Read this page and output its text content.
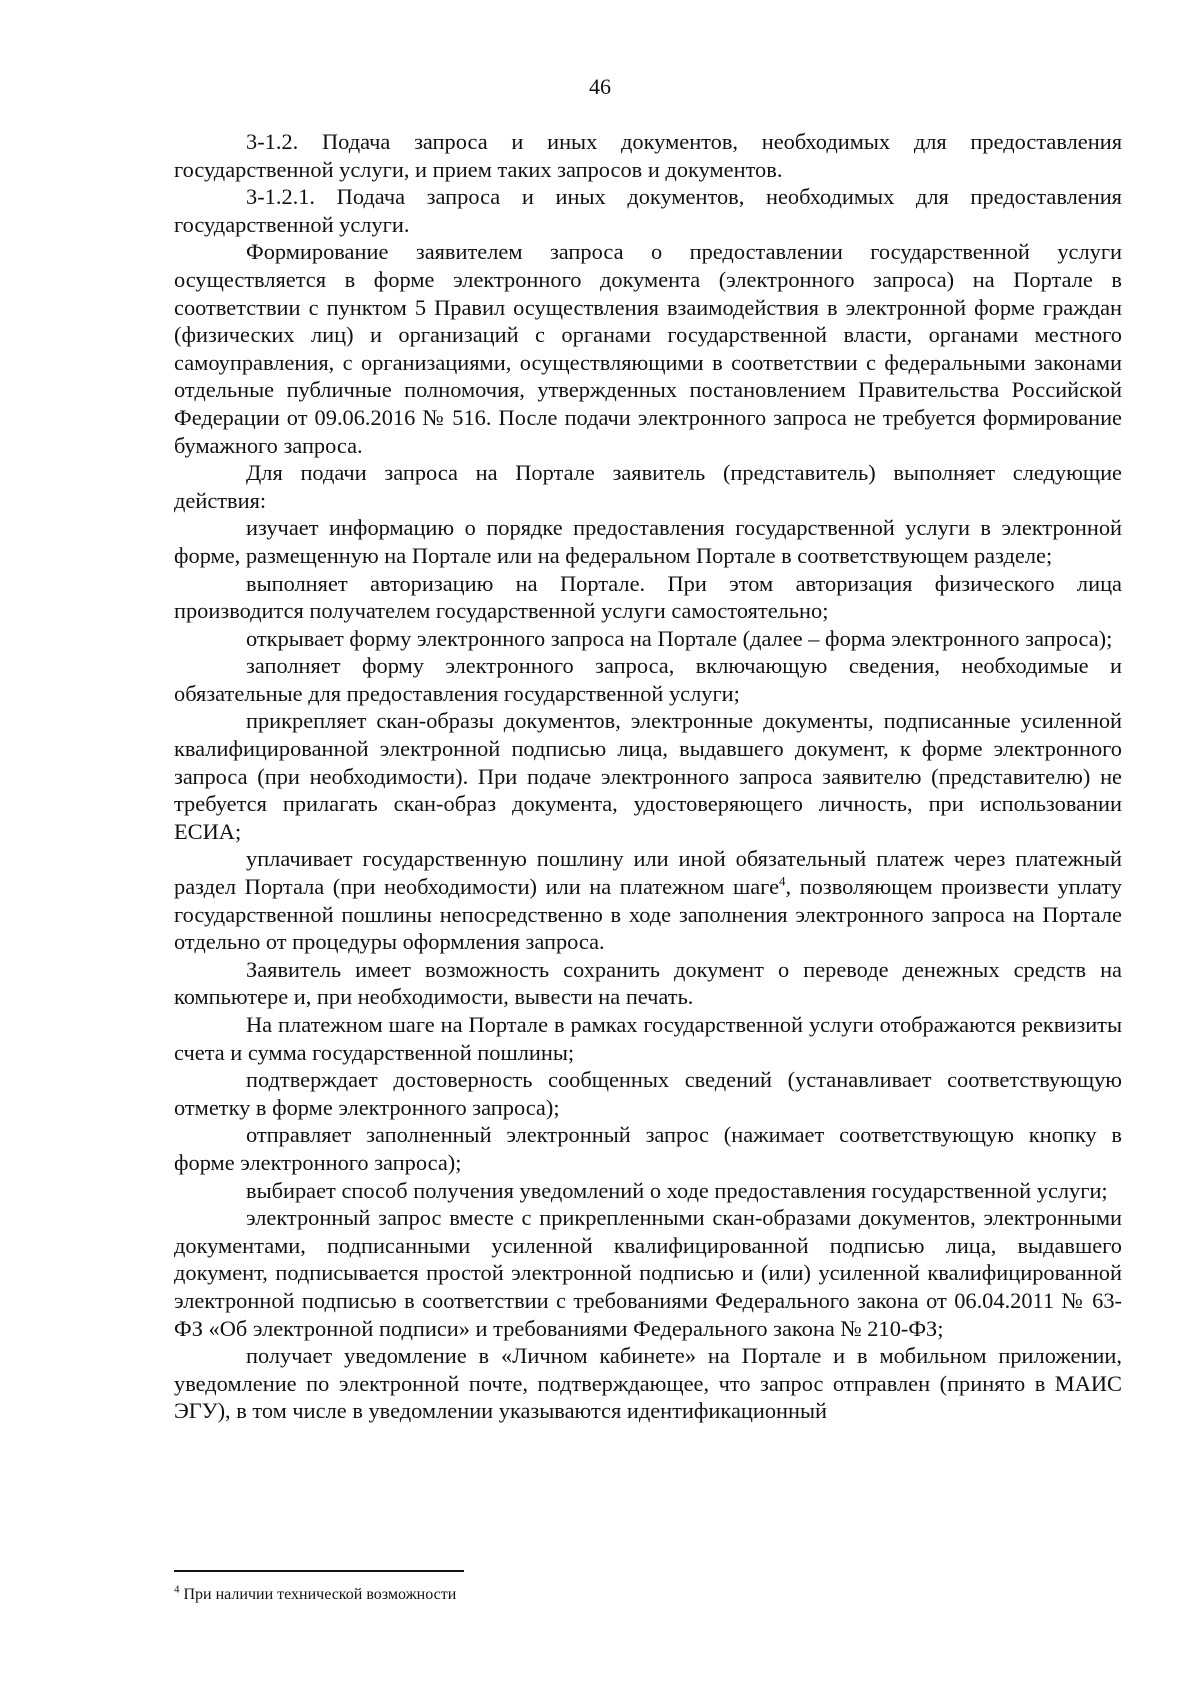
46

3-1.2. Подача запроса и иных документов, необходимых для предоставления государственной услуги, и прием таких запросов и документов.

3-1.2.1. Подача запроса и иных документов, необходимых для предоставления государственной услуги.

Формирование заявителем запроса о предоставлении государственной услуги осуществляется в форме электронного документа (электронного запроса) на Портале в соответствии с пунктом 5 Правил осуществления взаимодействия в электронной форме граждан (физических лиц) и организаций с органами государственной власти, органами местного самоуправления, с организациями, осуществляющими в соответствии с федеральными законами отдельные публичные полномочия, утвержденных постановлением Правительства Российской Федерации от 09.06.2016 № 516. После подачи электронного запроса не требуется формирование бумажного запроса.

Для подачи запроса на Портале заявитель (представитель) выполняет следующие действия:

изучает информацию о порядке предоставления государственной услуги в электронной форме, размещенную на Портале или на федеральном Портале в соответствующем разделе;

выполняет авторизацию на Портале. При этом авторизация физического лица производится получателем государственной услуги самостоятельно;

открывает форму электронного запроса на Портале (далее – форма электронного запроса);

заполняет форму электронного запроса, включающую сведения, необходимые и обязательные для предоставления государственной услуги;

прикрепляет скан-образы документов, электронные документы, подписанные усиленной квалифицированной электронной подписью лица, выдавшего документ, к форме электронного запроса (при необходимости). При подаче электронного запроса заявителю (представителю) не требуется прилагать скан-образ документа, удостоверяющего личность, при использовании ЕСИА;

уплачивает государственную пошлину или иной обязательный платеж через платежный раздел Портала (при необходимости) или на платежном шаге$^4$, позволяющем произвести уплату государственной пошлины непосредственно в ходе заполнения электронного запроса на Портале отдельно от процедуры оформления запроса.

Заявитель имеет возможность сохранить документ о переводе денежных средств на компьютере и, при необходимости, вывести на печать.

На платежном шаге на Портале в рамках государственной услуги отображаются реквизиты счета и сумма государственной пошлины;

подтверждает достоверность сообщенных сведений (устанавливает соответствующую отметку в форме электронного запроса);

отправляет заполненный электронный запрос (нажимает соответствующую кнопку в форме электронного запроса);

выбирает способ получения уведомлений о ходе предоставления государственной услуги;

электронный запрос вместе с прикрепленными скан-образами документов, электронными документами, подписанными усиленной квалифицированной подписью лица, выдавшего документ, подписывается простой электронной подписью и (или) усиленной квалифицированной электронной подписью в соответствии с требованиями Федерального закона от 06.04.2011 № 63-ФЗ «Об электронной подписи» и требованиями Федерального закона № 210-ФЗ;

получает уведомление в «Личном кабинете» на Портале и в мобильном приложении, уведомление по электронной почте, подтверждающее, что запрос отправлен (принято в МАИС ЭГУ), в том числе в уведомлении указываются идентификационный

$^4$ При наличии технической возможности
